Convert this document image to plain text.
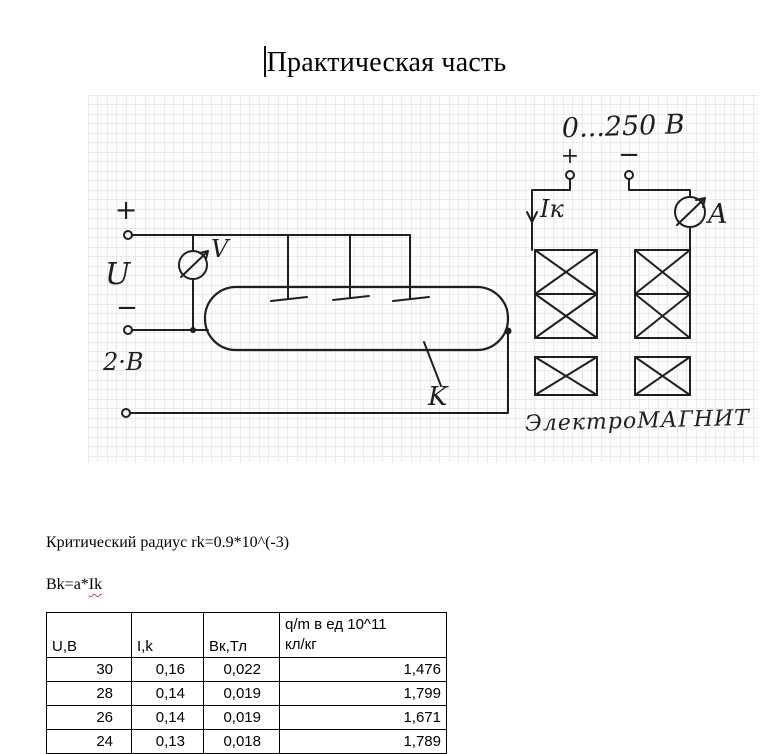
Практическая часть
+
U
−
V
2·В
K
0...250 В
+ −
Iк	A
ЭлектроМАГНИТ

Критический радиус rk=0.9*10^(-3)

Bk=a*Ik

U,В	I,k	Вк,Тл	q/m в ед 10^11 кл/кг
30	0,16	0,022	1,476
28	0,14	0,019	1,799
26	0,14	0,019	1,671
24	0,13	0,018	1,789
